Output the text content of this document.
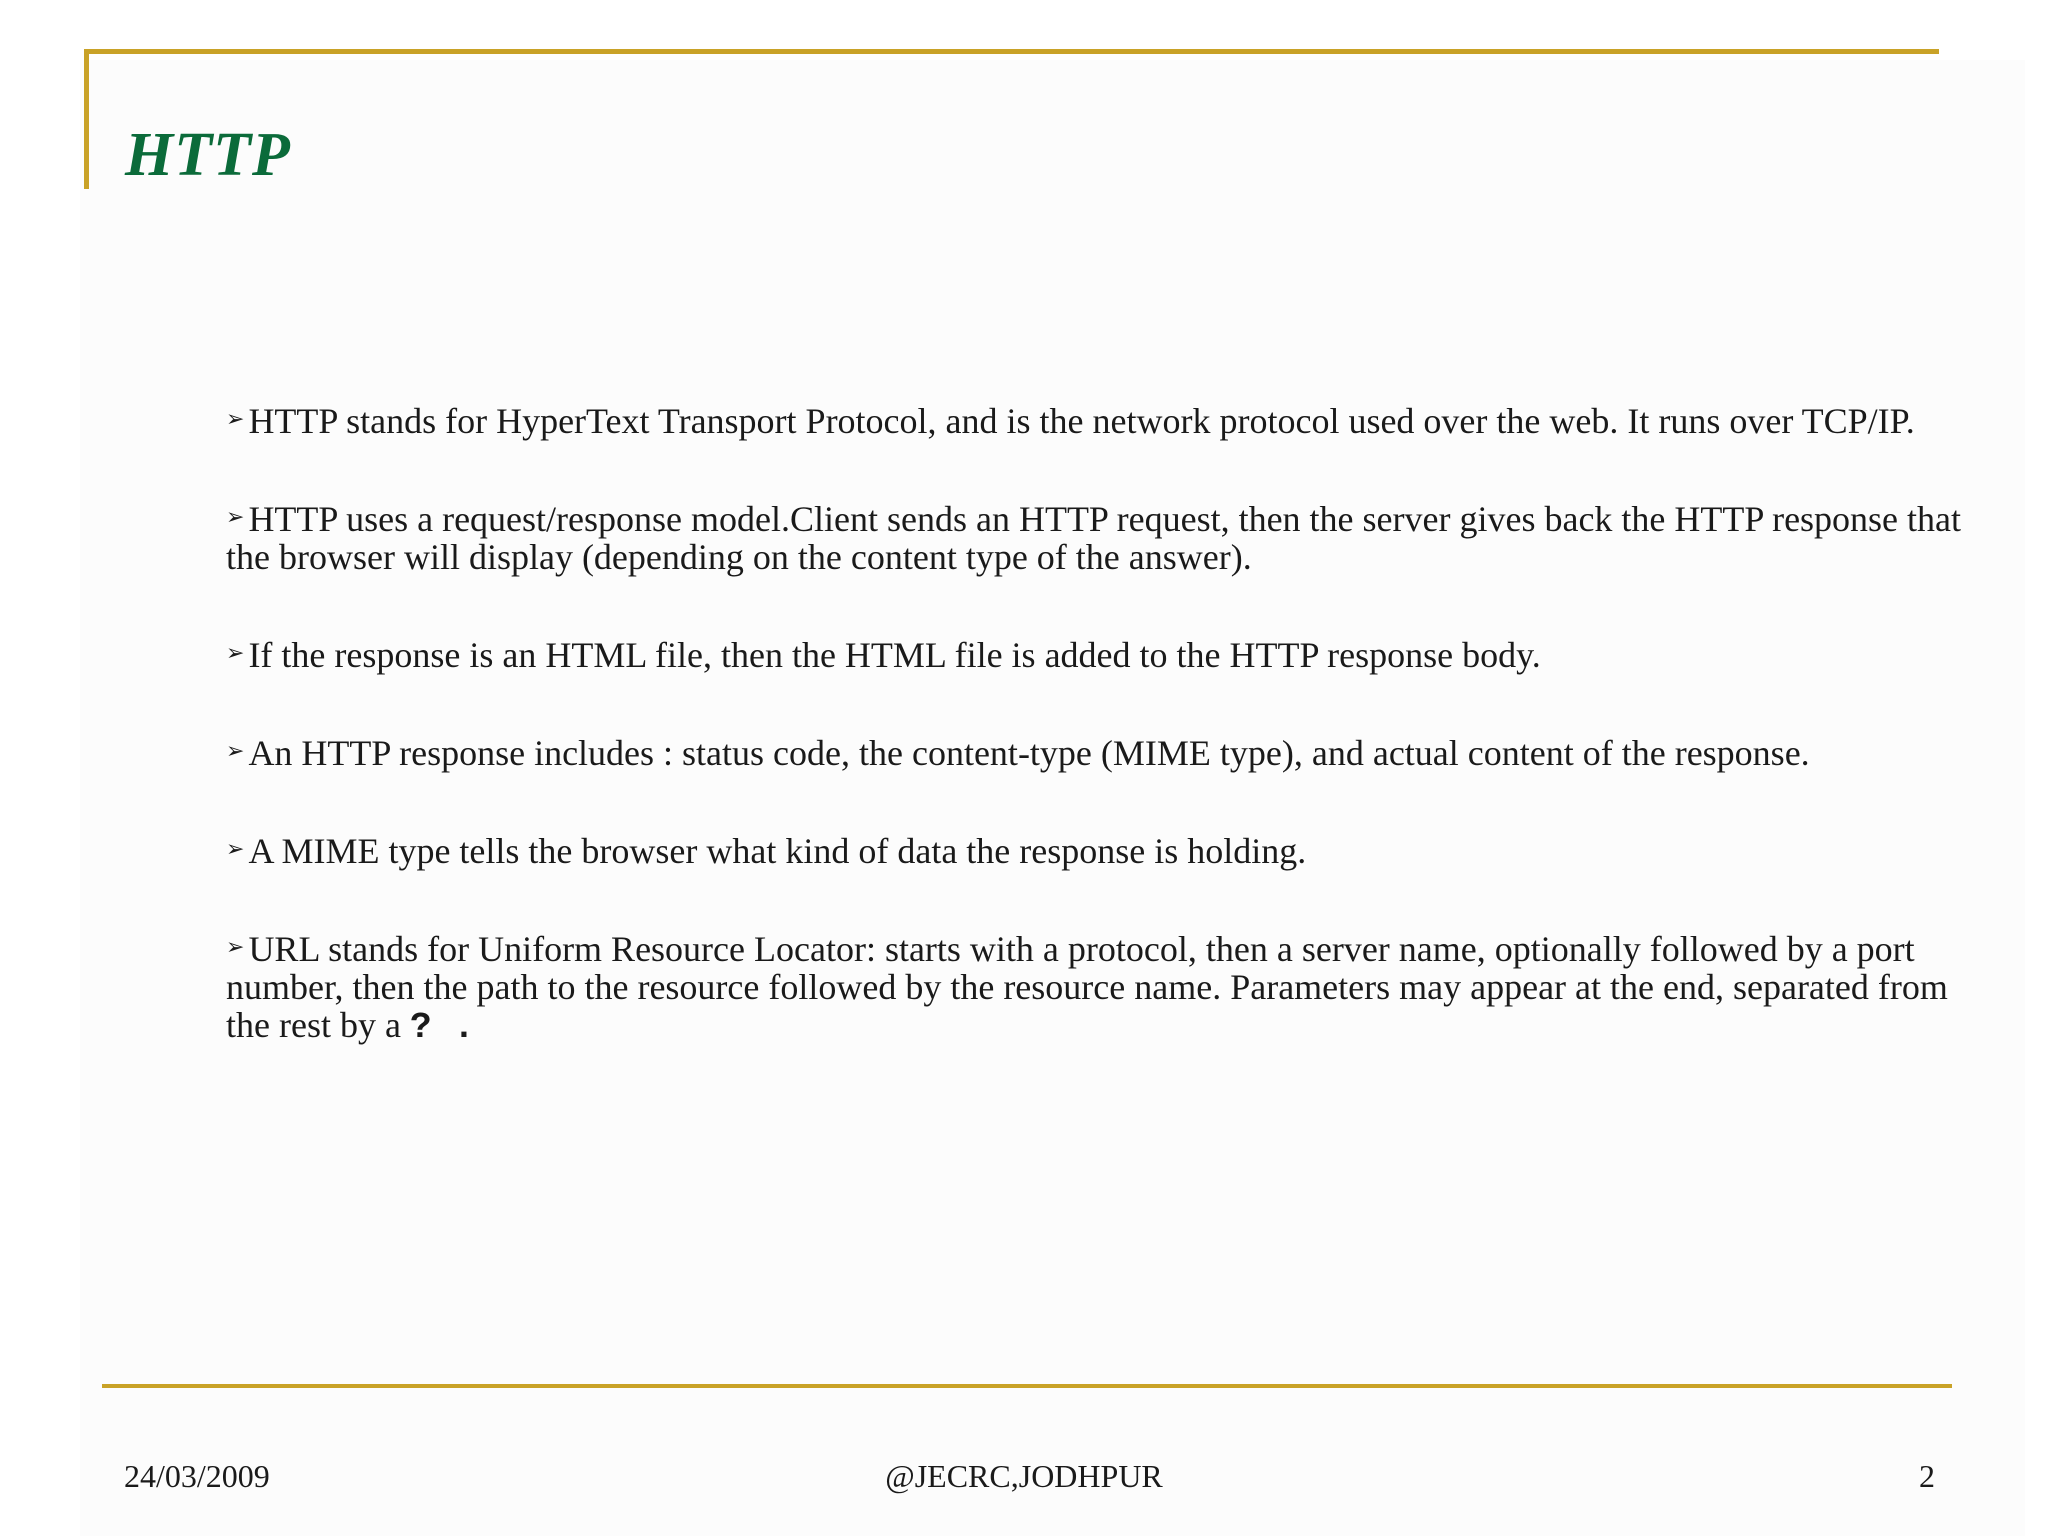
HTTP
➢ HTTP stands for HyperText Transport Protocol, and is the network protocol used over the web. It runs over TCP/IP.
➢ HTTP uses a request/response model.Client sends an HTTP request, then the server gives back the HTTP response that the browser will display (depending on the content type of the answer).
➢ If the response is an HTML file, then the HTML file is added to the HTTP response body.
➢ An HTTP response includes : status code, the content-type (MIME type), and actual content of the response.
➢ A MIME type tells the browser what kind of data the response is holding.
➢ URL stands for Uniform Resource Locator: starts with a protocol, then a server name, optionally followed by a port number, then the path to the resource followed by the resource name. Parameters may appear at the end, separated from the rest by a ? .
24/03/2009	@JECRC,JODHPUR	2
